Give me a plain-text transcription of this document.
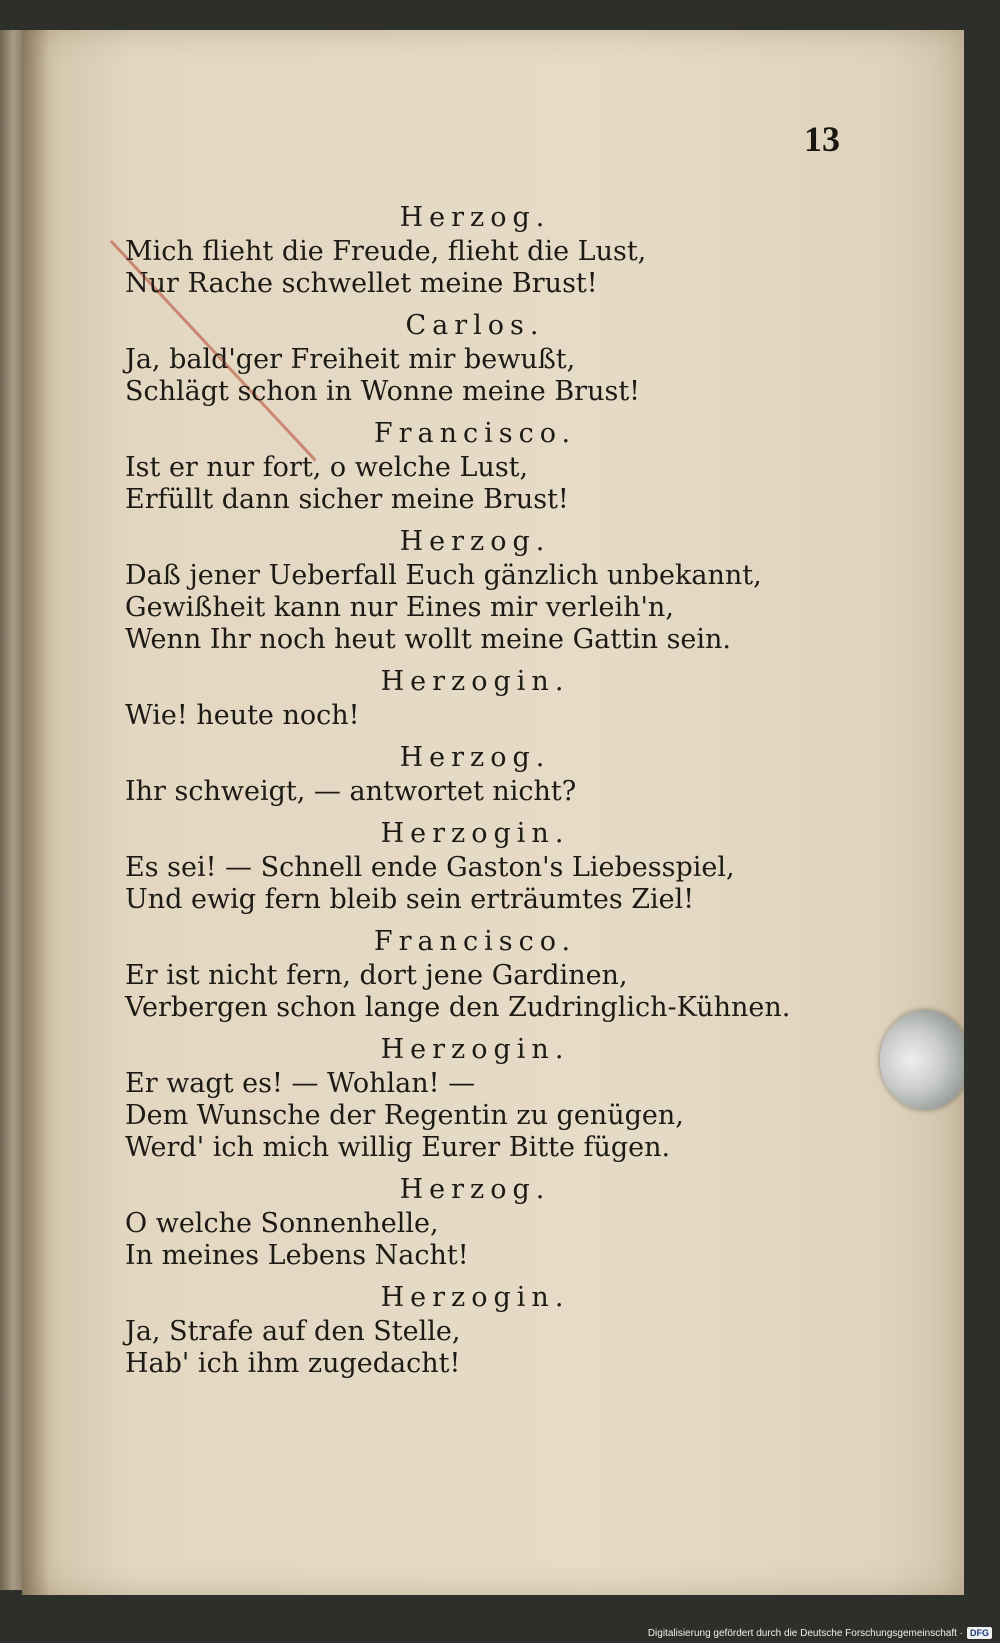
13
Herzog.
Mich flieht die Freude, flieht die Lust,
Nur Rache schwellet meine Brust!
Carlos.
Ja, bald'ger Freiheit mir bewußt,
Schlägt schon in Wonne meine Brust!
Francisco.
Ist er nur fort, o welche Lust,
Erfüllt dann sicher meine Brust!
Herzog.
Daß jener Ueberfall Euch gänzlich unbekannt,
Gewißheit kann nur Eines mir verleih'n,
Wenn Ihr noch heut wollt meine Gattin sein.
Herzogin.
Wie! heute noch!
Herzog.
Ihr schweigt, — antwortet nicht?
Herzogin.
Es sei! — Schnell ende Gaston's Liebesspiel,
Und ewig fern bleib sein erträumtes Ziel!
Francisco.
Er ist nicht fern, dort jene Gardinen,
Verbergen schon lange den Zudringlich-Kühnen.
Herzogin.
Er wagt es! — Wohlan! —
Dem Wunsche der Regentin zu genügen,
Werd' ich mich willig Eurer Bitte fügen.
Herzog.
O welche Sonnenhelle,
In meines Lebens Nacht!
Herzogin.
Ja, Strafe auf den Stelle,
Hab' ich ihm zugedacht!
Digitalisierung gefördert durch die Deutsche Forschungsgemeinschaft · DFG
